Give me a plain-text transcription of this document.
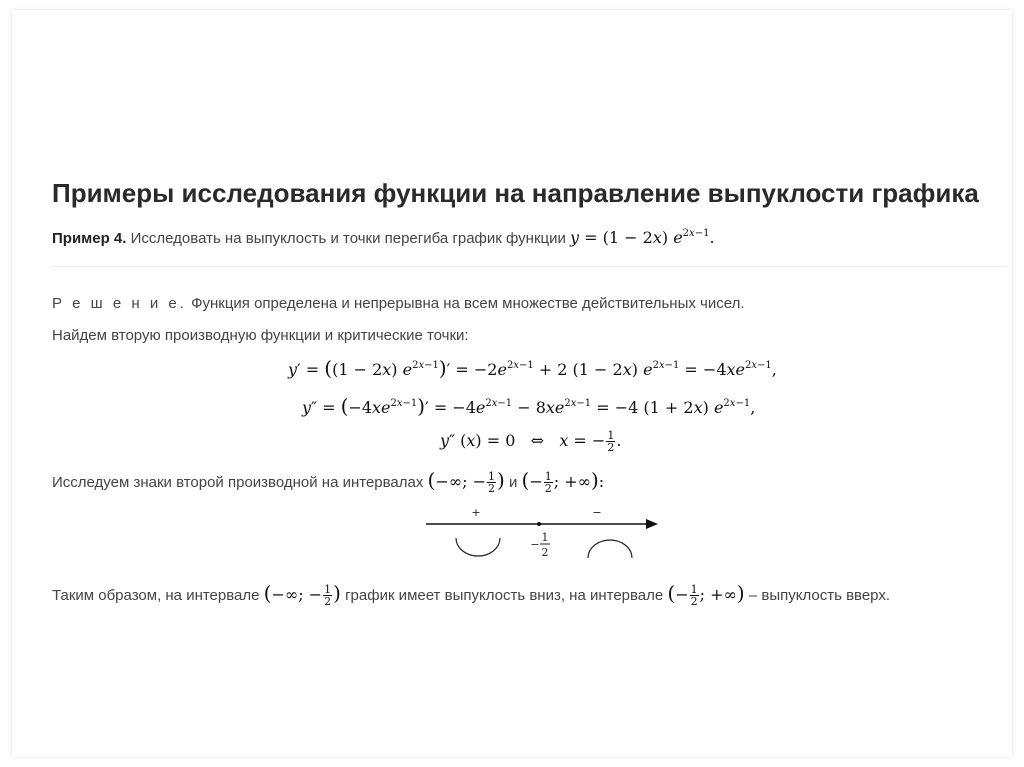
Примеры исследования функции на направление выпуклости графика
Пример 4. Исследовать на выпуклость и точки перегиба график функции y = (1 − 2x) $e^{2x-1}$.
Р е ш е н и е. Функция определена и непрерывна на всем множестве действительных чисел.
Найдем вторую производную функции и критические точки:
y′ = ((1 − 2x) $e^{2x-1})' = -2e^{2x-1} + 2$ (1 − 2x) $e^{2x-1} = -4xe^{2x-1}$,
$y'' = (-4xe^{2x-1})' = -4e^{2x-1} - 8xe^{2x-1} = -4$ (1 + 2x) $e^{2x-1}$,
y″ (x) = 0   ⇔   x = − $\frac{1}{2}$ .
Исследуем знаки второй производной на интервалах (−∞; − $\frac{1}{2}$ ) и (− $\frac{1}{2}$ ; +∞):
+	−
−
1
2
Таким образом, на интервале (−∞; − $\frac{1}{2}$ ) график имеет выпуклость вниз, на интервале (− $\frac{1}{2}$ ; +∞) – выпуклость вверх.
